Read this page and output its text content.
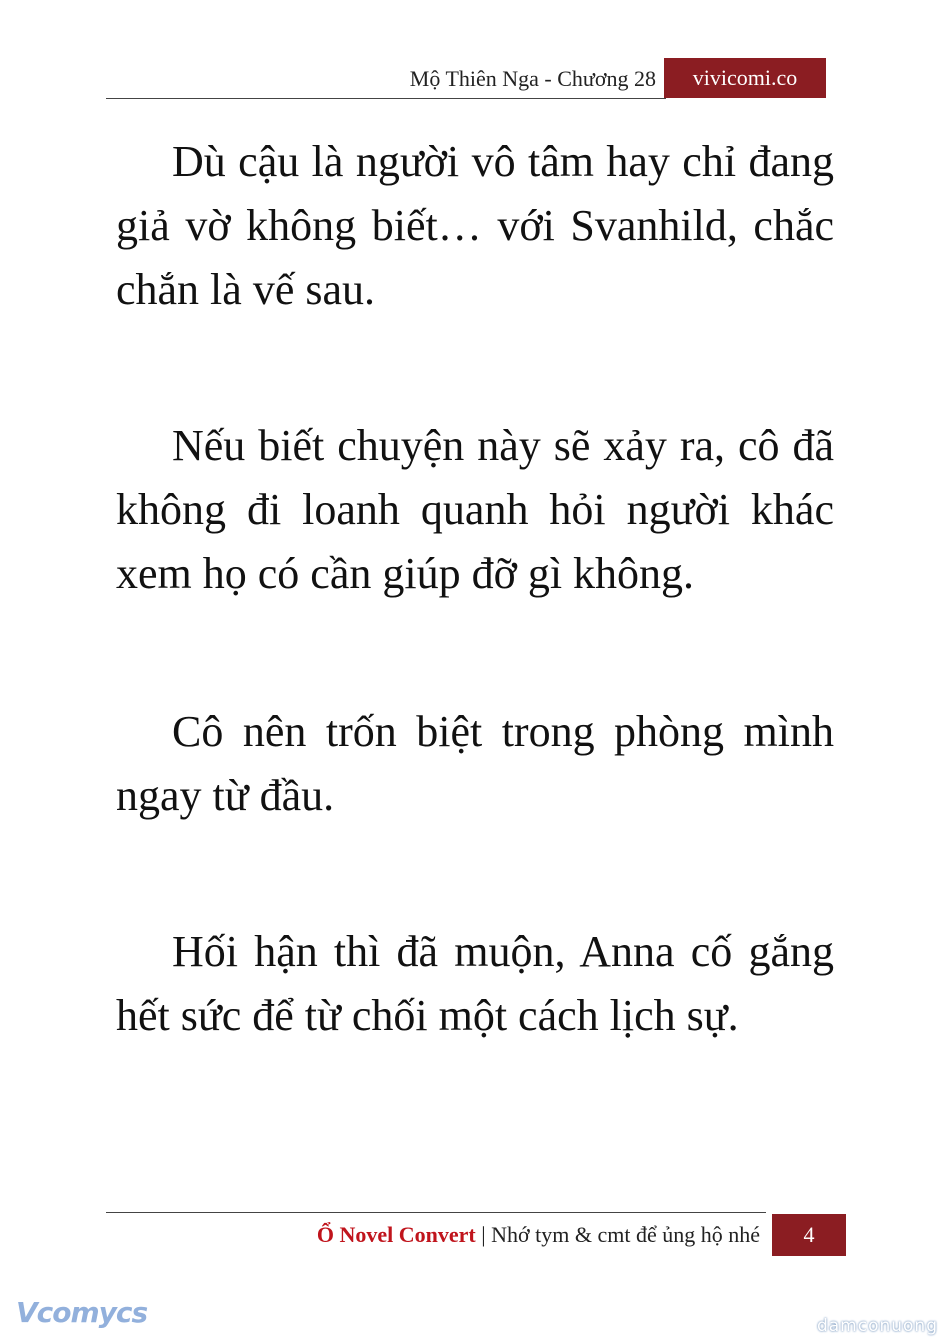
Mộ Thiên Nga - Chương 28	vivicomi.co

Dù cậu là người vô tâm hay chỉ đang giả vờ không biết… với Svanhild, chắc chắn là vế sau.

Nếu biết chuyện này sẽ xảy ra, cô đã không đi loanh quanh hỏi người khác xem họ có cần giúp đỡ gì không.

Cô nên trốn biệt trong phòng mình ngay từ đầu.

Hối hận thì đã muộn, Anna cố gắng hết sức để từ chối một cách lịch sự.

Ổ Novel Convert | Nhớ tym & cmt để ủng hộ nhé	4
Vcomycs	damconuong
